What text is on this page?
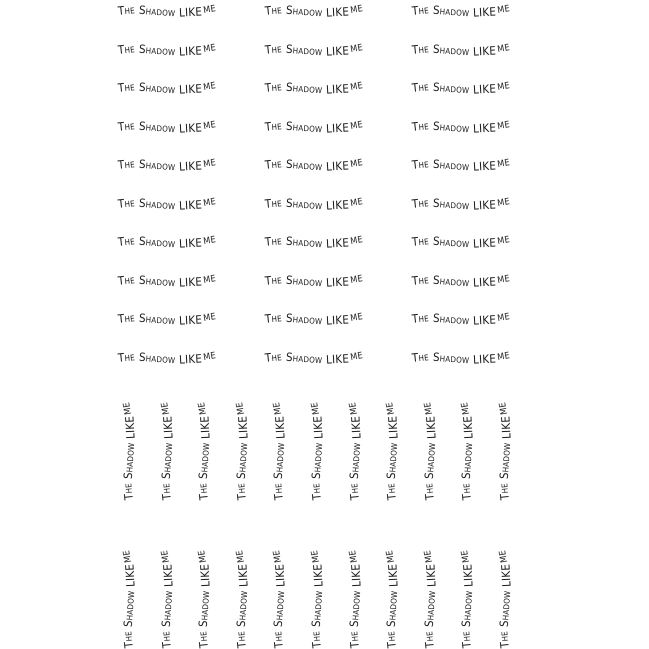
The Shadow LIKEME	The Shadow LIKEME	The Shadow LIKEME
The Shadow LIKEME	The Shadow LIKEME	The Shadow LIKEME
The Shadow LIKEME	The Shadow LIKEME	The Shadow LIKEME
The Shadow LIKEME	The Shadow LIKEME	The Shadow LIKEME
The Shadow LIKEME	The Shadow LIKEME	The Shadow LIKEME
The Shadow LIKEME	The Shadow LIKEME	The Shadow LIKEME
The Shadow LIKEME	The Shadow LIKEME	The Shadow LIKEME
The Shadow LIKEME	The Shadow LIKEME	The Shadow LIKEME
The Shadow LIKEME	The Shadow LIKEME	The Shadow LIKEME
The Shadow LIKEME	The Shadow LIKEME	The Shadow LIKEME
TheShadowLIKEME
TheShadowLIKEME
TheShadowLIKEME
TheShadowLIKEME
TheShadowLIKEME
TheShadowLIKEME
TheShadowLIKEME
TheShadowLIKEME
TheShadowLIKEME
TheShadowLIKEME
TheShadowLIKEME
TheShadowLIKEME
TheShadowLIKEME
TheShadowLIKEME
TheShadowLIKEME
TheShadowLIKEME
TheShadowLIKEME
TheShadowLIKEME
TheShadowLIKEME
TheShadowLIKEME
TheShadowLIKEME
TheShadowLIKEME
